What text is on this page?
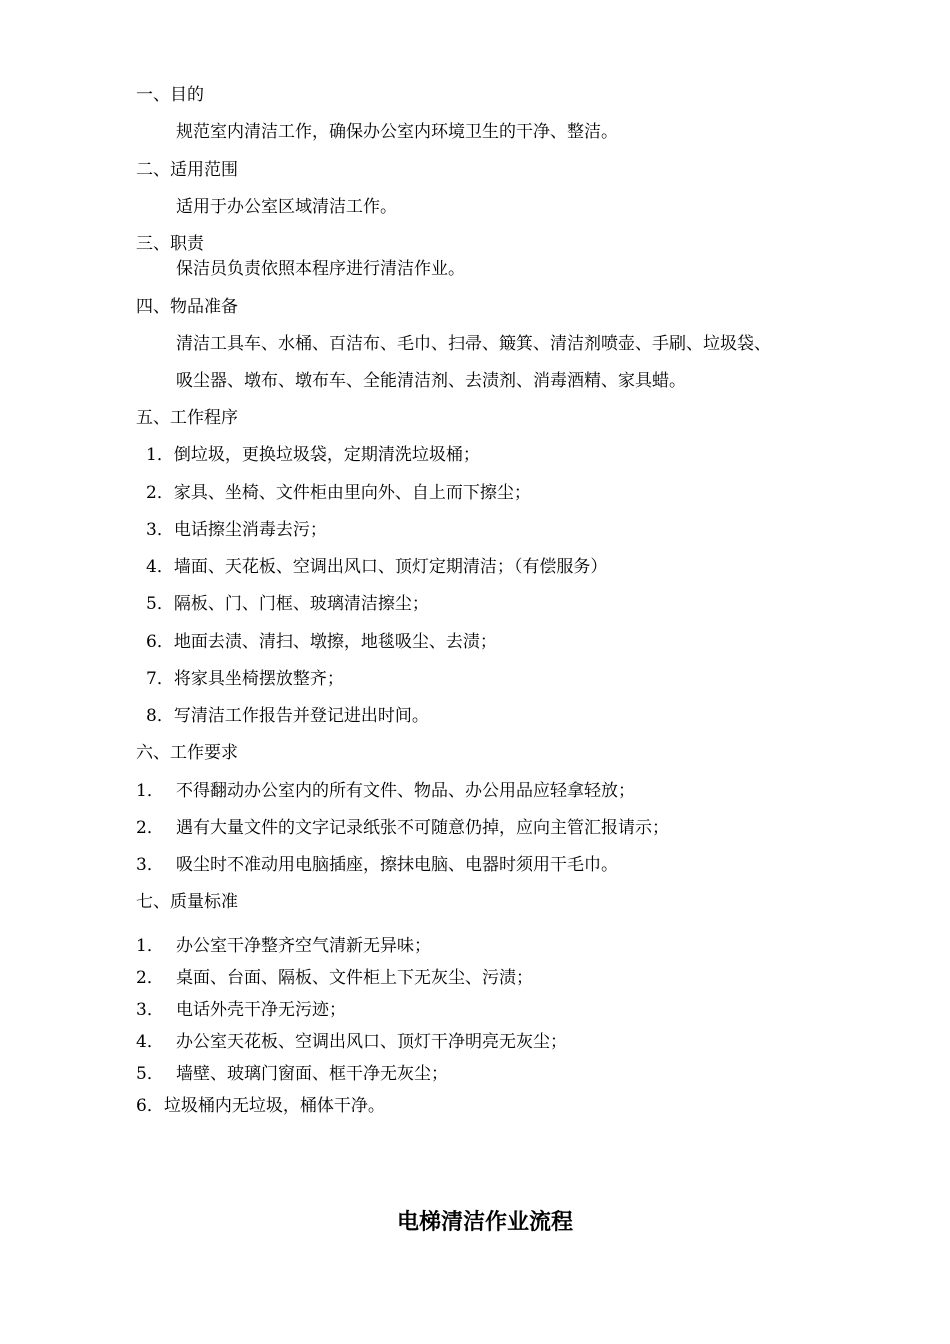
一、目的
规范室内清洁工作，确保办公室内环境卫生的干净、整洁。
二、适用范围
适用于办公室区域清洁工作。
三、职责
保洁员负责依照本程序进行清洁作业。
四、物品准备
清洁工具车、水桶、百洁布、毛巾、扫帚、簸箕、清洁剂喷壶、手刷、垃圾袋、
吸尘器、墩布、墩布车、全能清洁剂、去渍剂、消毒酒精、家具蜡。
五、工作程序
1．倒垃圾，更换垃圾袋，定期清洗垃圾桶；
2．家具、坐椅、文件柜由里向外、自上而下擦尘；
3．电话擦尘消毒去污；
4．墙面、天花板、空调出风口、顶灯定期清洁；（有偿服务）
5．隔板、门、门框、玻璃清洁擦尘；
6．地面去渍、清扫、墩擦，地毯吸尘、去渍；
7．将家具坐椅摆放整齐；
8．写清洁工作报告并登记进出时间。
六、工作要求
1． 不得翻动办公室内的所有文件、物品、办公用品应轻拿轻放；
2． 遇有大量文件的文字记录纸张不可随意仍掉，应向主管汇报请示；
3． 吸尘时不准动用电脑插座，擦抹电脑、电器时须用干毛巾。
七、质量标准
1． 办公室干净整齐空气清新无异味；
2． 桌面、台面、隔板、文件柜上下无灰尘、污渍；
3． 电话外壳干净无污迹；
4． 办公室天花板、空调出风口、顶灯干净明亮无灰尘；
5． 墙壁、玻璃门窗面、框干净无灰尘；
6．垃圾桶内无垃圾，桶体干净。
电梯清洁作业流程
